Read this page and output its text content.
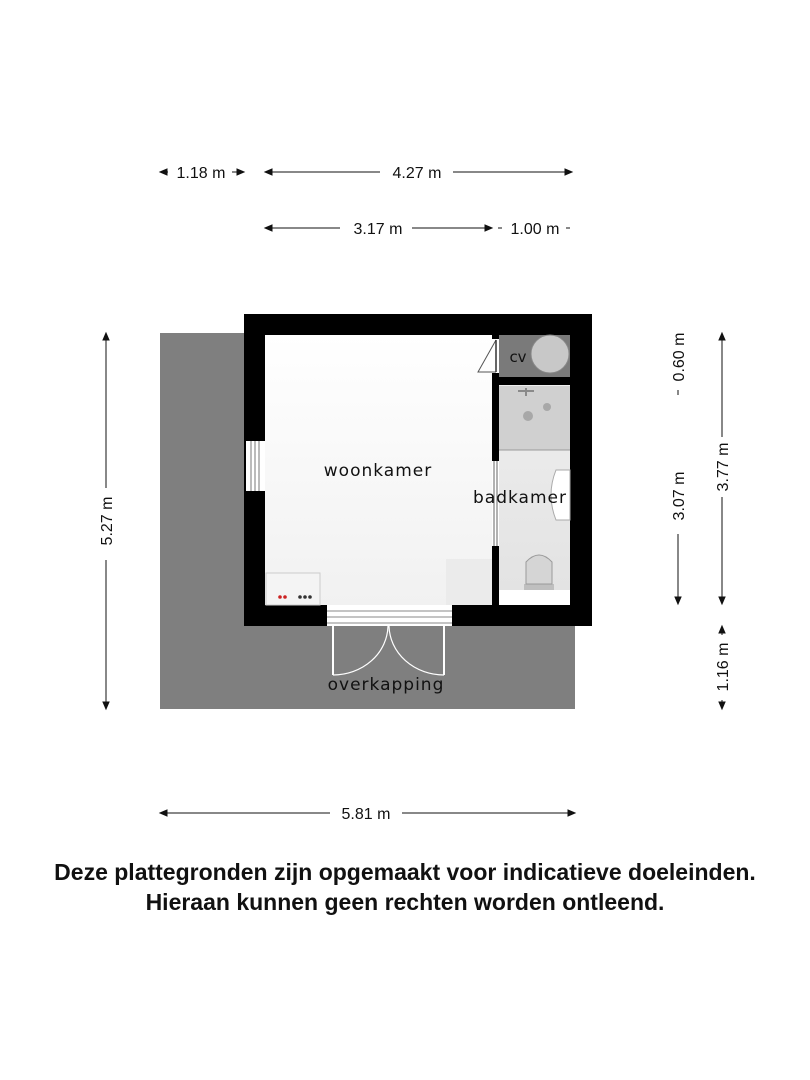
woonkamer
badkamer
cv
overkapping
1.18 m	4.27 m
3.17 m	1.00 m
5.27 m
0.60 m
3.07 m
3.77 m
1.16 m
5.81 m
Deze plattegronden zijn opgemaakt voor indicatieve doeleinden.
Hieraan kunnen geen rechten worden ontleend.
